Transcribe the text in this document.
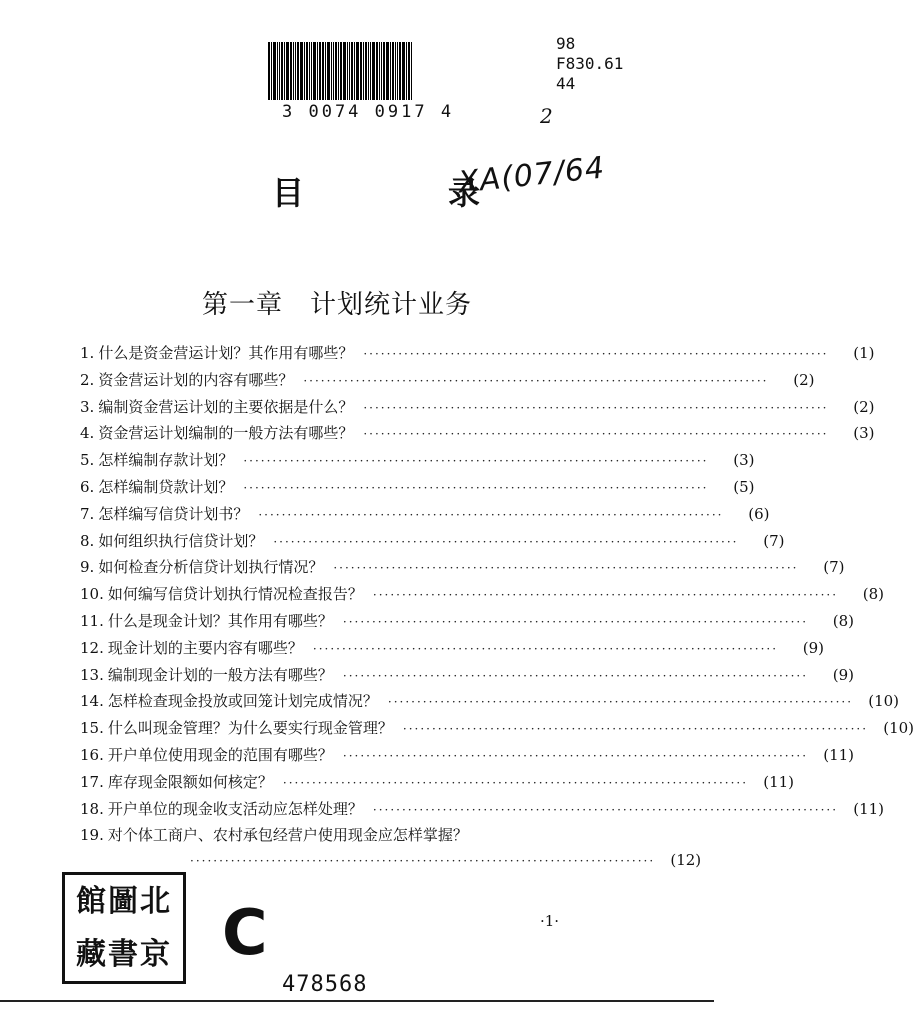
3 0074 0917 4
98
F830.61
44
2
XA(07/64
目　录
第一章　计划统计业务
1. 什么是资金营运计划？其作用有哪些？ ················································································	(1)
2. 资金营运计划的内容有哪些？ ················································································	(2)
3. 编制资金营运计划的主要依据是什么？ ················································································	(2)
4. 资金营运计划编制的一般方法有哪些？ ················································································	(3)
5. 怎样编制存款计划？ ················································································	(3)
6. 怎样编制贷款计划？ ················································································	(5)
7. 怎样编写信贷计划书？ ················································································	(6)
8. 如何组织执行信贷计划？ ················································································	(7)
9. 如何检查分析信贷计划执行情况？ ················································································	(7)
10. 如何编写信贷计划执行情况检查报告？ ················································································	(8)
11. 什么是现金计划？其作用有哪些？ ················································································	(8)
12. 现金计划的主要内容有哪些？ ················································································	(9)
13. 编制现金计划的一般方法有哪些？ ················································································	(9)
14. 怎样检查现金投放或回笼计划完成情况？ ················································································	(10)
15. 什么叫现金管理？为什么要实行现金管理？ ················································································	(10)
16. 开户单位使用现金的范围有哪些？ ················································································	(11)
17. 库存现金限额如何核定？ ················································································	(11)
18. 开户单位的现金收支活动应怎样处理？ ················································································	(11)
19. 对个体工商户、农村承包经营户使用现金应怎样掌握？
················································································	(12)
館圖北
藏書京 C	·1·
478568
